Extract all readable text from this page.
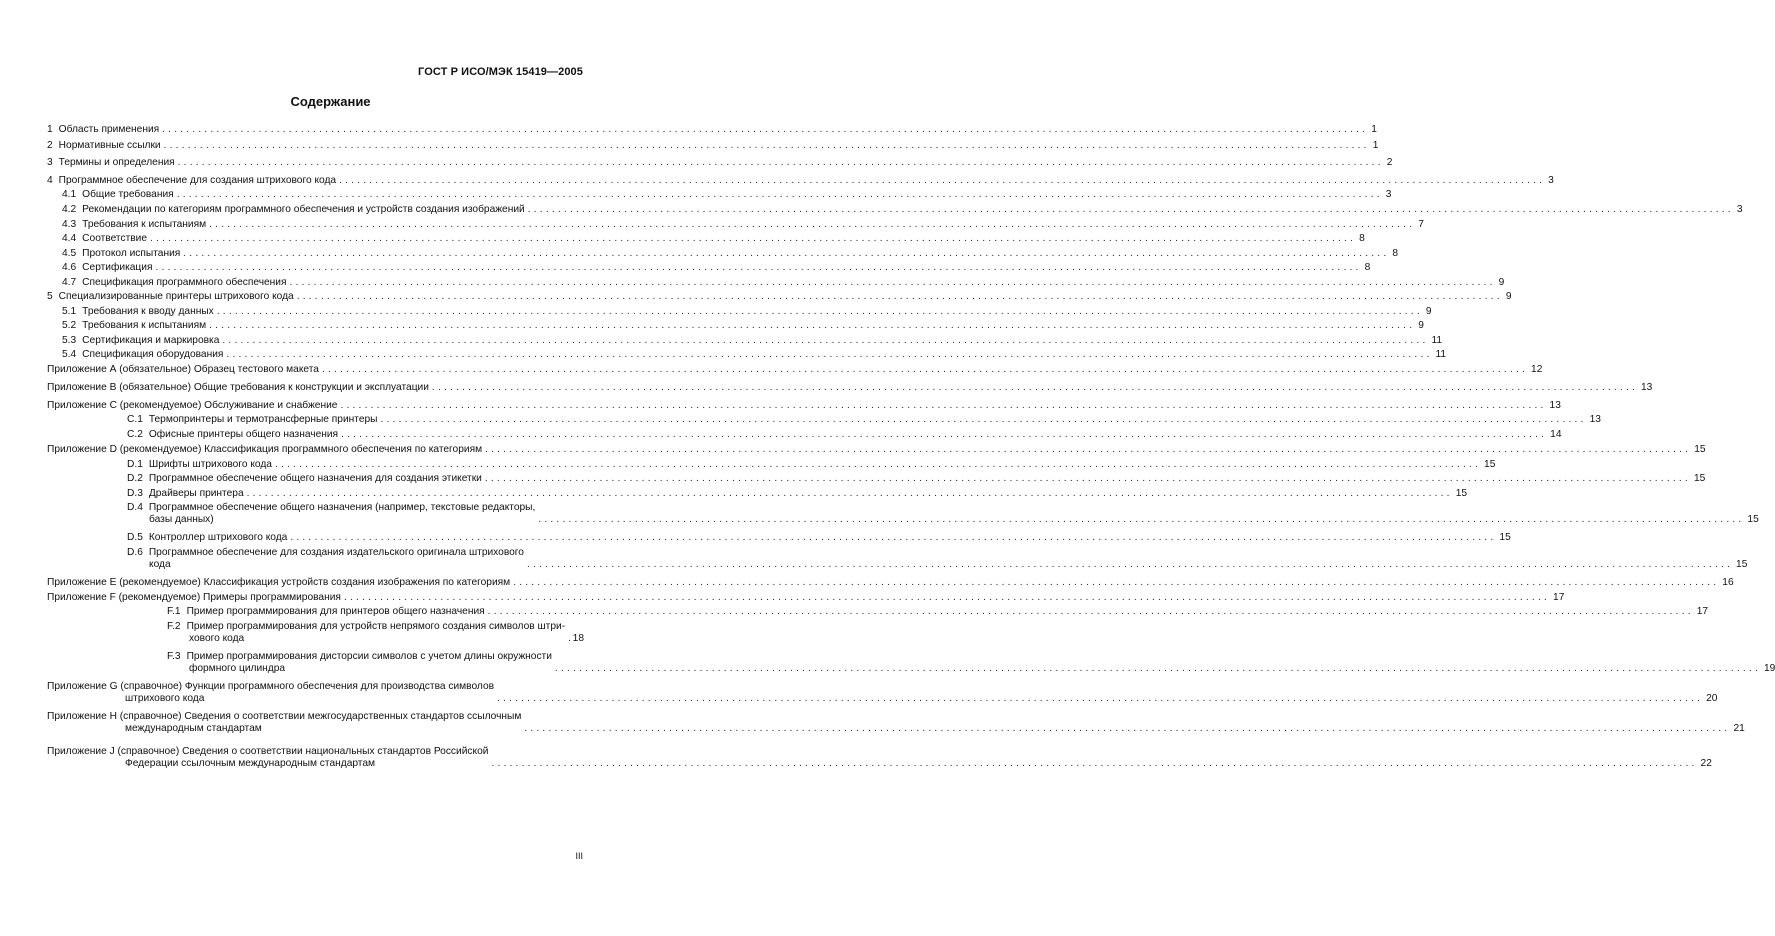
ГОСТ Р ИСО/МЭК 15419—2005
Содержание
1 Область применения ........................................................................................................................................................................................................ 1
2 Нормативные ссылки ........................................................................................................................................................................................................ 1
3 Термины и определения ........................................................................................................................................................................................................ 2
4 Программное обеспечение для создания штрихового кода ........................................................................................................................................................................................................ 3
4.1 Общие требования ........................................................................................................................................................................................................ 3
4.2 Рекомендации по категориям программного обеспечения и устройств создания изображений ........................................................................................................................................................................................................ 3
4.3 Требования к испытаниям ........................................................................................................................................................................................................ 7
4.4 Соответствие ........................................................................................................................................................................................................ 8
4.5 Протокол испытания ........................................................................................................................................................................................................ 8
4.6 Сертификация ........................................................................................................................................................................................................ 8
4.7 Спецификация программного обеспечения ........................................................................................................................................................................................................ 9
5 Специализированные принтеры штрихового кода ........................................................................................................................................................................................................ 9
5.1 Требования к вводу данных ........................................................................................................................................................................................................ 9
5.2 Требования к испытаниям ........................................................................................................................................................................................................ 9
5.3 Сертификация и маркировка ........................................................................................................................................................................................................ 11
5.4 Спецификация оборудования ........................................................................................................................................................................................................ 11
Приложение А (обязательное) Образец тестового макета ........................................................................................................................................................................................................ 12
Приложение В (обязательное) Общие требования к конструкции и эксплуатации ........................................................................................................................................................................................................ 13
Приложение С (рекомендуемое) Обслуживание и снабжение ........................................................................................................................................................................................................ 13
C.1 Термопринтеры и термотрансферные принтеры ........................................................................................................................................................................................................ 13
C.2 Офисные принтеры общего назначения ........................................................................................................................................................................................................ 14
Приложение D (рекомендуемое) Классификация программного обеспечения по категориям ........................................................................................................................................................................................................ 15
D.1 Шрифты штрихового кода ........................................................................................................................................................................................................ 15
D.2 Программное обеспечение общего назначения для создания этикетки ........................................................................................................................................................................................................ 15
D.3 Драйверы принтера ........................................................................................................................................................................................................ 15
D.4 Программное обеспечение общего назначения (например, текстовые редакторы,
базы данных)	........................................................................................................................................................................................................ 15
D.5 Контроллер штрихового кода ........................................................................................................................................................................................................ 15
D.6 Программное обеспечение для создания издательского оригинала штрихового
кода	........................................................................................................................................................................................................ 15
Приложение Е (рекомендуемое) Классификация устройств создания изображения по категориям ........................................................................................................................................................................................................ 16
Приложение F (рекомендуемое) Примеры программирования ........................................................................................................................................................................................................ 17
F.1 Пример программирования для принтеров общего назначения ........................................................................................................................................................................................................ 17
F.2 Пример программирования для устройств непрямого создания символов штри-
хового кода	18
F.3 Пример программирования дисторсии символов с учетом длины окружности
формного цилиндра	........................................................................................................................................................................................................ 19
Приложение G (справочное) Функции программного обеспечения для производства символов
штрихового кода	........................................................................................................................................................................................................ 20
Приложение Н (справочное) Сведения о соответствии межгосударственных стандартов ссылочным
международным стандартам	........................................................................................................................................................................................................ 21
Приложение J (справочное) Сведения о соответствии национальных стандартов Российской
Федерации ссылочным международным стандартам	........................................................................................................................................................................................................ 22
III
